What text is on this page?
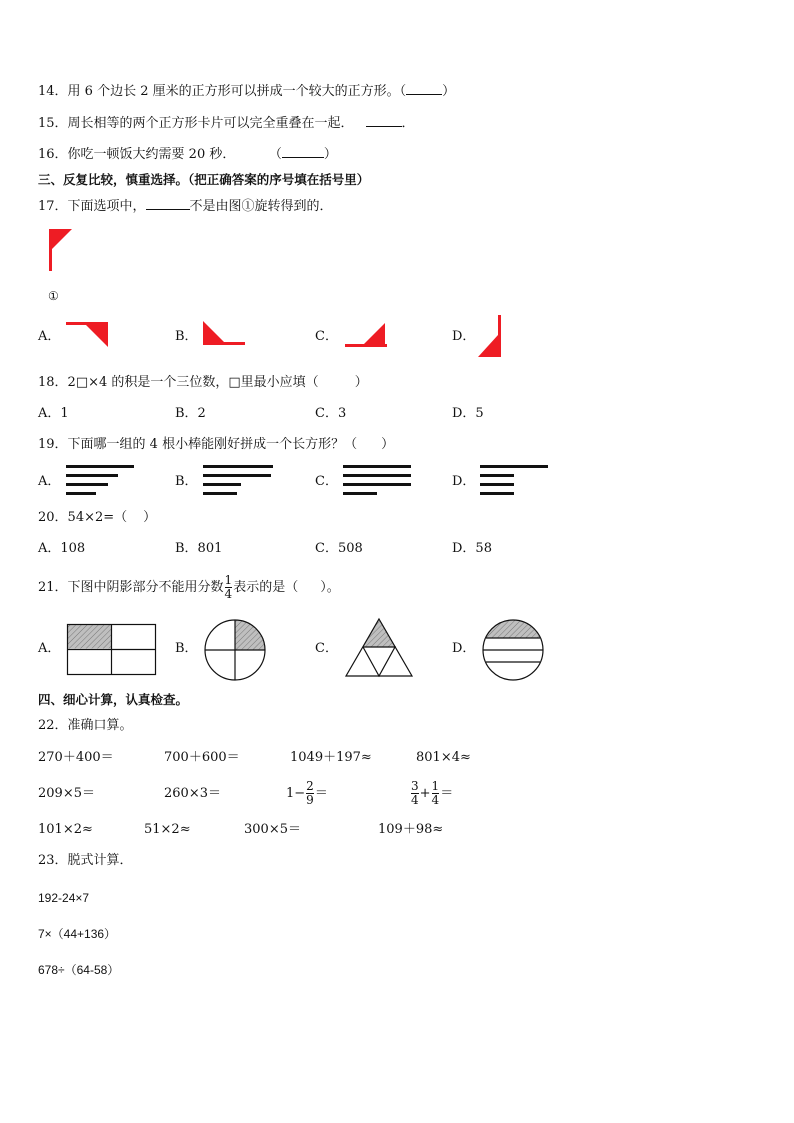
14．用 6 个边长 2 厘米的正方形可以拼成一个较大的正方形。（	）
15．周长相等的两个正方形卡片可以完全重叠在一起．	．
16．你吃一顿饭大约需要 20 秒．	（	）
三、反复比较，慎重选择。（把正确答案的序号填在括号里）
17．下面选项中，	不是由图①旋转得到的．
①
A．	B．	C．	D．
18．2□×4 的积是一个三位数，□里最小应填（	）
A．1	B．2	C．3	D．5
19．下面哪一组的 4 根小棒能刚好拼成一个长方形？（ ）
A．	B．	C．	D．
20．54×2=（ ）
A．108	B．801	C．508	D．58
21．下图中阴影部分不能用分数 $\frac{1}{4}$ 表示的是（ ）。
A．	B．	C．	D．
四、细心计算，认真检查。
22．准确口算。
270＋400＝	700＋600＝	1049＋197≈	801×4≈
209×5＝	260×3＝	$1- \frac{2}{9}$ ＝	$\frac{3}{4} + \frac{1}{4}$ ＝
101×2≈	51×2≈	300×5＝	109＋98≈
23．脱式计算．
192-24×7
7×（44+136）
678÷（64-58）
